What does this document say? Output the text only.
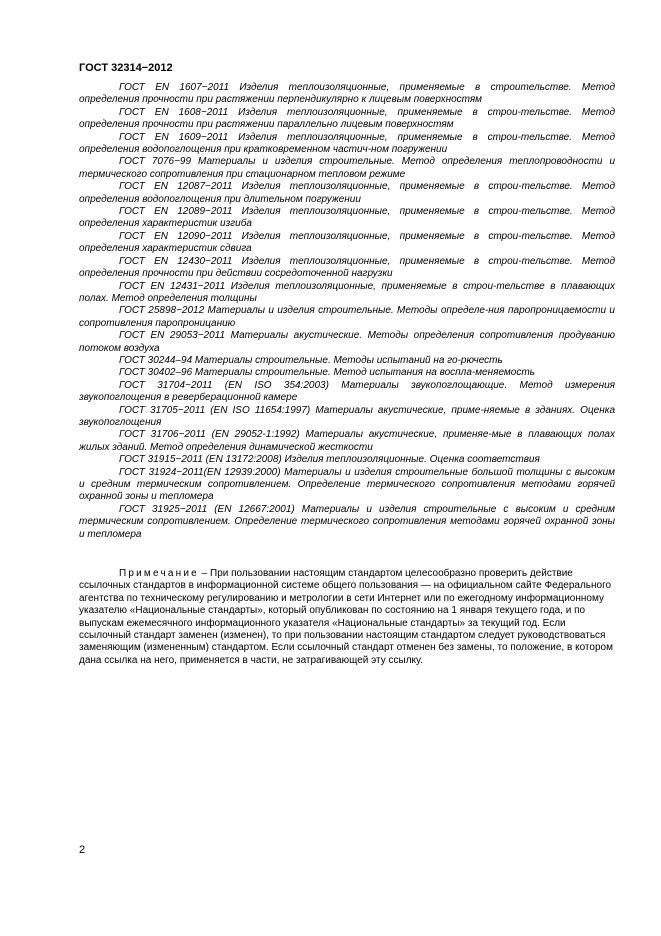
ГОСТ 32314−2012

ГОСТ EN 1607−2011 Изделия теплоизоляционные, применяемые в строительстве. Метод определения прочности при растяжении перпендикулярно к лицевым поверхностям

ГОСТ EN 1608−2011 Изделия теплоизоляционные, применяемые в строи-тельстве. Метод определения прочности при растяжении параллельно лицевым поверхностям

ГОСТ EN 1609−2011 Изделия теплоизоляционные, применяемые в строи-тельстве. Метод определения водопоглощения при кратковременном частич-ном погружении

ГОСТ 7076−99 Материалы и изделия строительные. Метод определения теплопроводности и термического сопротивления при стационарном тепловом режиме

ГОСТ EN 12087−2011 Изделия теплоизоляционные, применяемые в строи-тельстве. Метод определения водопоглощения при длительном погружении

ГОСТ EN 12089−2011 Изделия теплоизоляционные, применяемые в строи-тельстве. Метод определения характеристик изгиба

ГОСТ EN 12090−2011 Изделия теплоизоляционные, применяемые в строи-тельстве. Метод определения характеристик сдвига

ГОСТ EN 12430−2011 Изделия теплоизоляционные, применяемые в строи-тельстве. Метод определения прочности при действии сосредоточенной нагрузки

ГОСТ EN 12431−2011 Изделия теплоизоляционные, применяемые в строи-тельстве в плавающих полах. Метод определения толщины

ГОСТ 25898−2012 Материалы и изделия строительные. Методы определе-ния паропроницаемости и сопротивления паропроницанию

ГОСТ EN 29053−2011 Материалы акустические. Методы определения сопротивления продуванию потоком воздуха

ГОСТ 30244–94 Материалы строительные. Методы испытаний на го-рючесть

ГОСТ 30402–96 Материалы строительные. Метод испытания на воспла-меняемость

ГОСТ 31704−2011 (EN ISO 354:2003) Материалы звукопоглощающие. Метод измерения звукопоглощения в реверберационной камере

ГОСТ 31705−2011 (EN ISO 11654:1997) Материалы акустические, приме-няемые в зданиях. Оценка звукопоглощения

ГОСТ 31706−2011 (EN 29052-1:1992) Материалы акустические, применяе-мые в плавающих полах жилых зданий. Метод определения динамической жесткости

ГОСТ 31915−2011 (EN 13172:2008) Изделия теплоизоляционные. Оценка соответствия

ГОСТ 31924−2011(EN 12939:2000) Материалы и изделия строительные большой толщины с высоким и средним термическим сопротивлением. Определение термического сопротивления методами горячей охранной зоны и тепломера

ГОСТ 31925−2011 (EN 12667:2001) Материалы и изделия строительные с высоким и средним термическим сопротивлением. Определение термического сопротивления методами горячей охранной зоны и тепломера

Примечание – При пользовании настоящим стандартом целесообразно проверить действие ссылочных стандартов в информационной системе общего пользования — на официальном сайте Федерального агентства по техническому регулированию и метрологии в сети Интернет или по ежегодному информационному указателю «Национальные стандарты», который опубликован по состоянию на 1 января текущего года, и по выпускам ежемесячного информационного указателя «Национальные стандарты» за текущий год. Если ссылочный стандарт заменен (изменен), то при пользовании настоящим стандартом следует руководствоваться заменяющим (измененным) стандартом. Если ссылочный стандарт отменен без замены, то положение, в котором дана ссылка на него, применяется в части, не затрагивающей эту ссылку.

2
